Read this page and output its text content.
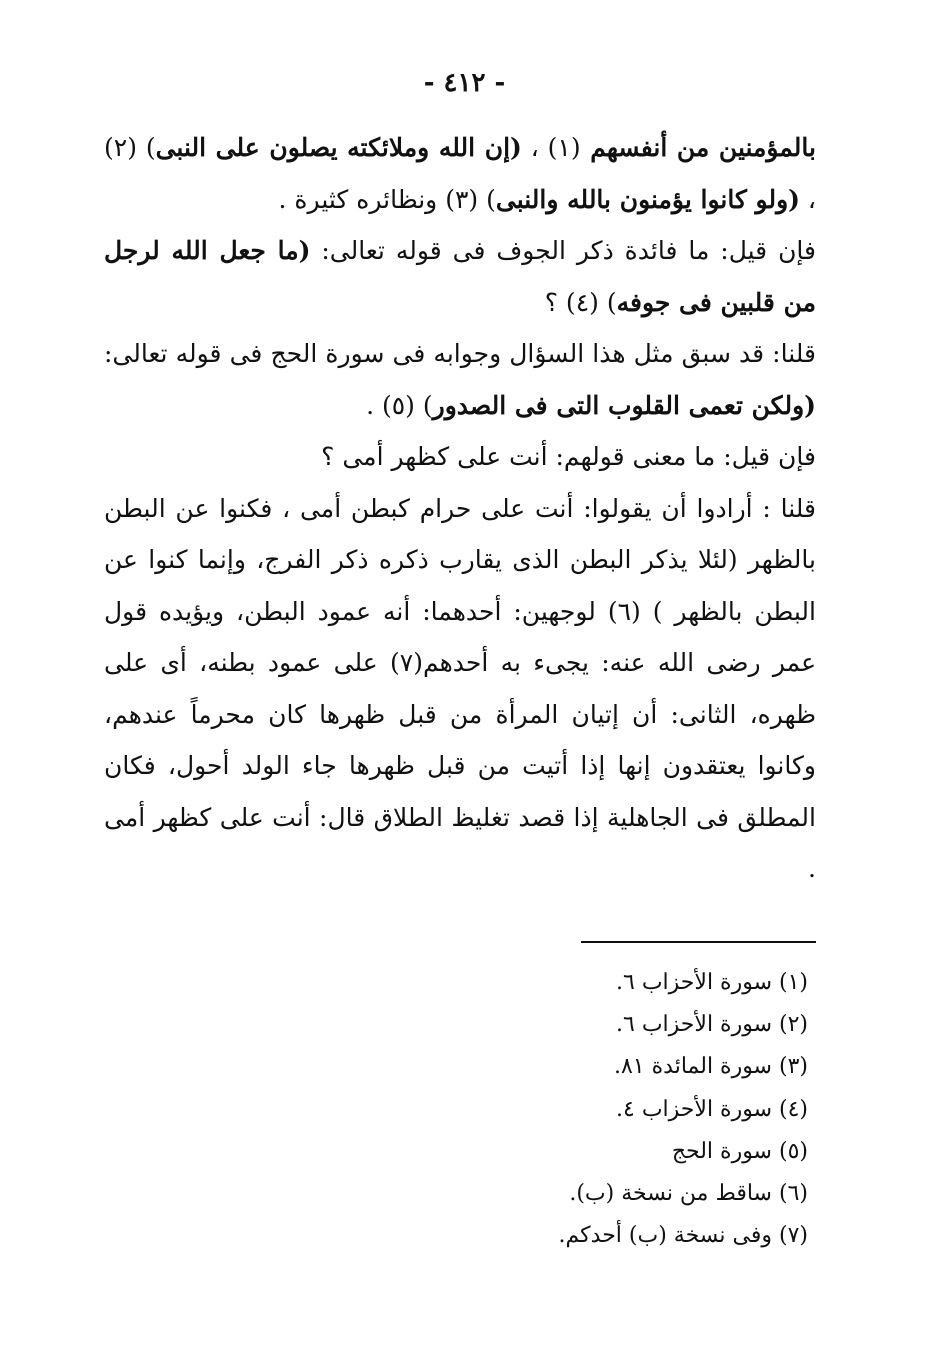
- ٤١٢ -

بالمؤمنين من أنفسهم (١) ، (إن الله وملائكته يصلون على النبى) (٢) ، (ولو كانوا يؤمنون بالله والنبى) (٣) ونظائره كثيرة .

فإن قيل: ما فائدة ذكر الجوف فى قوله تعالى: (ما جعل الله لرجل من قلبين فى جوفه) (٤) ؟

قلنا: قد سبق مثل هذا السؤال وجوابه فى سورة الحج فى قوله تعالى: (ولكن تعمى القلوب التى فى الصدور) (٥) .

فإن قيل: ما معنى قولهم: أنت على كظهر أمى ؟

قلنا : أرادوا أن يقولوا: أنت على حرام كبطن أمى ، فكنوا عن البطن بالظهر (لئلا يذكر البطن الذى يقارب ذكره ذكر الفرج، وإنما كنوا عن البطن بالظهر ) (٦) لوجهين: أحدهما: أنه عمود البطن، ويؤيده قول عمر رضى الله عنه: يجىء به أحدهم(٧) على عمود بطنه، أى على ظهره، الثانى: أن إتيان المرأة من قبل ظهرها كان محرماً عندهم، وكانوا يعتقدون إنها إذا أتيت من قبل ظهرها جاء الولد أحول، فكان المطلق فى الجاهلية إذا قصد تغليظ الطلاق قال: أنت على كظهر أمى .

(١) سورة الأحزاب ٦.
(٢) سورة الأحزاب ٦.
(٣) سورة المائدة ٨١.
(٤) سورة الأحزاب ٤.
(٥) سورة الحج
(٦) ساقط من نسخة (ب).
(٧) وفى نسخة (ب) أحدكم.
